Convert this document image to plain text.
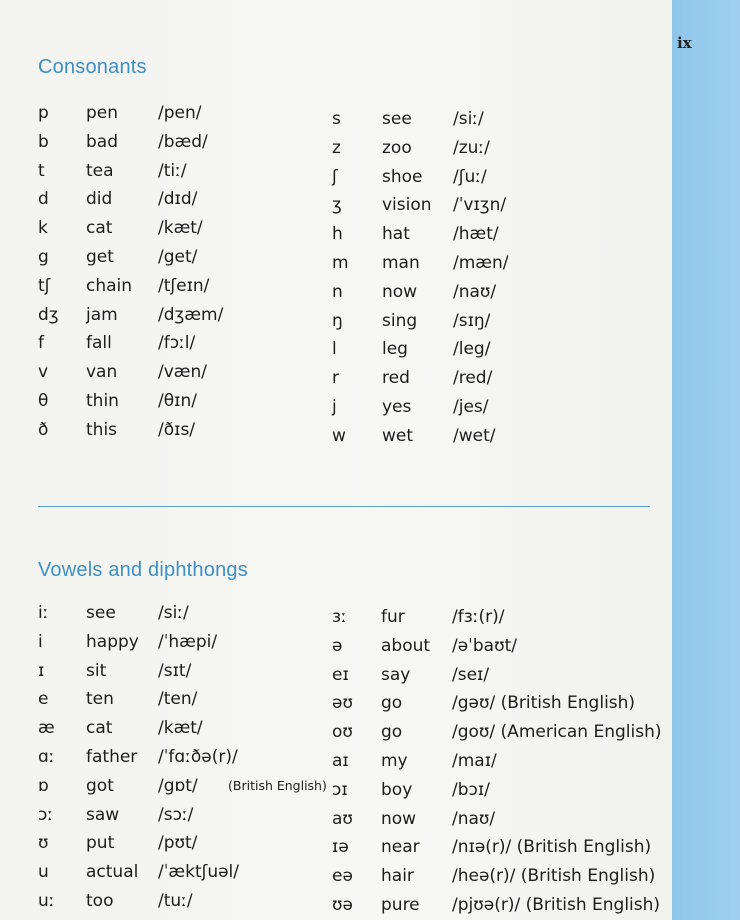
ix
Consonants
p pen /pen/
b bad /bæd/
t tea	/tiː/
d did	/dɪd/
k cat	/kæt/
g get	/get/
tʃ chain /tʃeɪn/
dʒ jam /dʒæm/
f fall	/fɔːl/
v van /væn/
θ thin /θɪn/
ð this /ðɪs/
s see /siː/
z zoo /zuː/
ʃ	shoe /ʃuː/
ʒ vision /ˈvɪʒn/
h hat	/hæt/
m man /mæn/
n now /naʊ/
ŋ sing /sɪŋ/
l	leg	/leg/
r	red	/red/
j	yes /jes/
w wet /wet/
Vowels and diphthongs
iː see /siː/
i	happy /ˈhæpi/
ɪ sit	/sɪt/
e ten	/ten/
æ cat	/kæt/
ɑː father /ˈfɑːðə(r)/
ɒ got	/gɒt/ (British English)
ɔː saw /sɔː/
ʊ put	/pʊt/
u actual /ˈæktʃuəl/
uː too	/tuː/
ɜː fur	/fɜː(r)/
ə about /əˈbaʊt/
eɪ say /seɪ/
əʊ go	/gəʊ/ (British English)
oʊ go	/goʊ/ (American English)
aɪ my	/maɪ/
ɔɪ boy /bɔɪ/
aʊ now /naʊ/
ɪə near /nɪə(r)/ (British English)
eə hair /heə(r)/ (British English)
ʊə pure /pjʊə(r)/ (British English)
